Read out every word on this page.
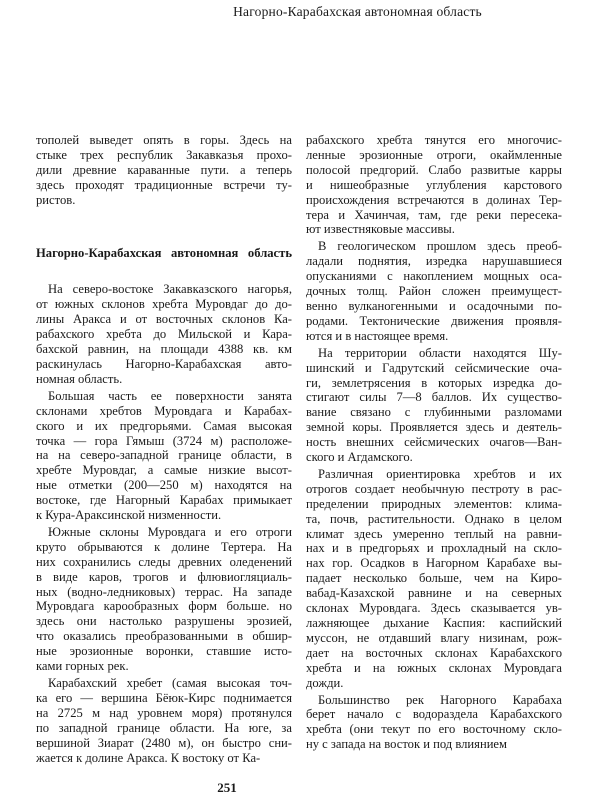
Нагорно-Карабахская автономная область
тополей выведет опять в горы. Здесь на
стыке трех республик Закавказья прохо-
дили древние караванные пути. а теперь
здесь проходят традиционные встречи ту-
ристов.
Нагорно-Карабахская автономная область
На северо-востоке Закавказского нагорья,
от южных склонов хребта Муровдаг до до-
лины Аракса и от восточных склонов Ка-
рабахского хребта до Мильской и Кара-
бахской равнин, на площади 4388 кв. км
раскинулась Нагорно-Карабахская авто-
номная область.
Большая часть ее поверхности занята
склонами хребтов Муровдага и Карабах-
ского и их предгорьями. Самая высокая
точка — гора Гямыш (3724 м) расположе-
на на северо-западной границе области, в
хребте Муровдаг, а самые низкие высот-
ные отметки (200—250 м) находятся на
востоке, где Нагорный Карабах примыкает
к Кура-Араксинской низменности.
Южные склоны Муровдага и его отроги
круто обрываются к долине Тертера. На
них сохранились следы древних оледенений
в виде каров, трогов и флювиогляциаль-
ных (водно-ледниковых) террас. На западе
Муровдага карообразных форм больше. но
здесь они настолько разрушены эрозией,
что оказались преобразованными в обшир-
ные эрозионные воронки, ставшие исто-
ками горных рек.
Карабахский хребет (самая высокая точ-
ка его — вершина Бёюк-Кирс поднимается
на 2725 м над уровнем моря) протянулся
по западной границе области. На юге, за
вершиной Зиарат (2480 м), он быстро сни-
жается к долине Аракса. К востоку от Ка-
рабахского хребта тянутся его многочис-
ленные эрозионные отроги, окаймленные
полосой предгорий. Слабо развитые карры
и нишеобразные углубления карстового
происхождения встречаются в долинах Тер-
тера и Хачинчая, там, где реки пересека-
ют известняковые массивы.
В геологическом прошлом здесь преоб-
ладали поднятия, изредка нарушавшиеся
опусканиями с накоплением мощных оса-
дочных толщ. Район сложен преимущест-
венно вулканогенными и осадочными по-
родами. Тектонические движения проявля-
ются и в настоящее время.
На территории области находятся Шу-
шинский и Гадрутский сейсмические оча-
ги, землетрясения в которых изредка до-
стигают силы 7—8 баллов. Их существо-
вание связано с глубинными разломами
земной коры. Проявляется здесь и деятель-
ность внешних сейсмических очагов—Ван-
ского и Агдамского.
Различная ориентировка хребтов и их
отрогов создает необычную пестроту в рас-
пределении природных элементов: клима-
та, почв, растительности. Однако в целом
климат здесь умеренно теплый на равни-
нах и в предгорьях и прохладный на скло-
нах гор. Осадков в Нагорном Карабахе вы-
падает несколько больше, чем на Киро-
вабад-Казахской равнине и на северных
склонах Муровдага. Здесь сказывается ув-
лажняющее дыхание Каспия: каспийский
муссон, не отдавший влагу низинам, рож-
дает на восточных склонах Карабахского
хребта и на южных склонах Муровдага
дожди.
Большинство рек Нагорного Карабаха
берет начало с водораздела Карабахского
хребта (они текут по его восточному скло-
ну с запада на восток и под влиянием
251
